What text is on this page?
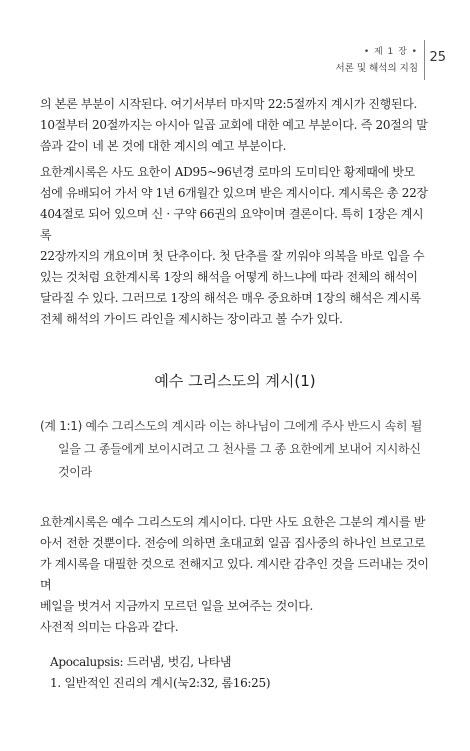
• 제 1 장 •
서론 및 해석의 지침
25
의 본론 부분이 시작된다. 여기서부터 마지막 22:5절까지 계시가 진행된다.
10절부터 20절까지는 아시아 일곱 교회에 대한 예고 부분이다. 즉 20절의 말
씀과 같이 네 본 것에 대한 계시의 예고 부분이다.
요한계시록은 사도 요한이 AD95~96년경 로마의 도미티안 황제때에 밧모
섬에 유배되어 가서 약 1년 6개월간 있으며 받은 계시이다. 계시록은 총 22장
404절로 되어 있으며 신 · 구약 66권의 요약이며 결론이다. 특히 1장은 계시록
22장까지의 개요이며 첫 단추이다. 첫 단추를 잘 끼워야 의복을 바로 입을 수
있는 것처럼 요한계시록 1장의 해석을 어떻게 하느냐에 따라 전체의 해석이
달라질 수 있다. 그러므로 1장의 해석은 매우 중요하며 1장의 해석은 계시록
전체 해석의 가이드 라인을 제시하는 장이라고 볼 수가 있다.
예수 그리스도의 계시(1)
(계 1:1) 예수 그리스도의 계시라 이는 하나님이 그에게 주사 반드시 속히 될
일을 그 종들에게 보이시려고 그 천사를 그 종 요한에게 보내어 지시하신
것이라
요한계시록은 예수 그리스도의 계시이다. 다만 사도 요한은 그분의 계시를 받
아서 전한 것뿐이다. 전승에 의하면 초대교회 일곱 집사중의 하나인 브로고로
가 계시록을 대필한 것으로 전해지고 있다. 계시란 감추인 것을 드러내는 것이며
베일을 벗겨서 지금까지 모르던 일을 보여주는 것이다.
사전적 의미는 다음과 같다.
Apocalupsis: 드러냄, 벗김, 나타냄
1. 일반적인 진리의 계시(눅2:32, 롬16:25)
